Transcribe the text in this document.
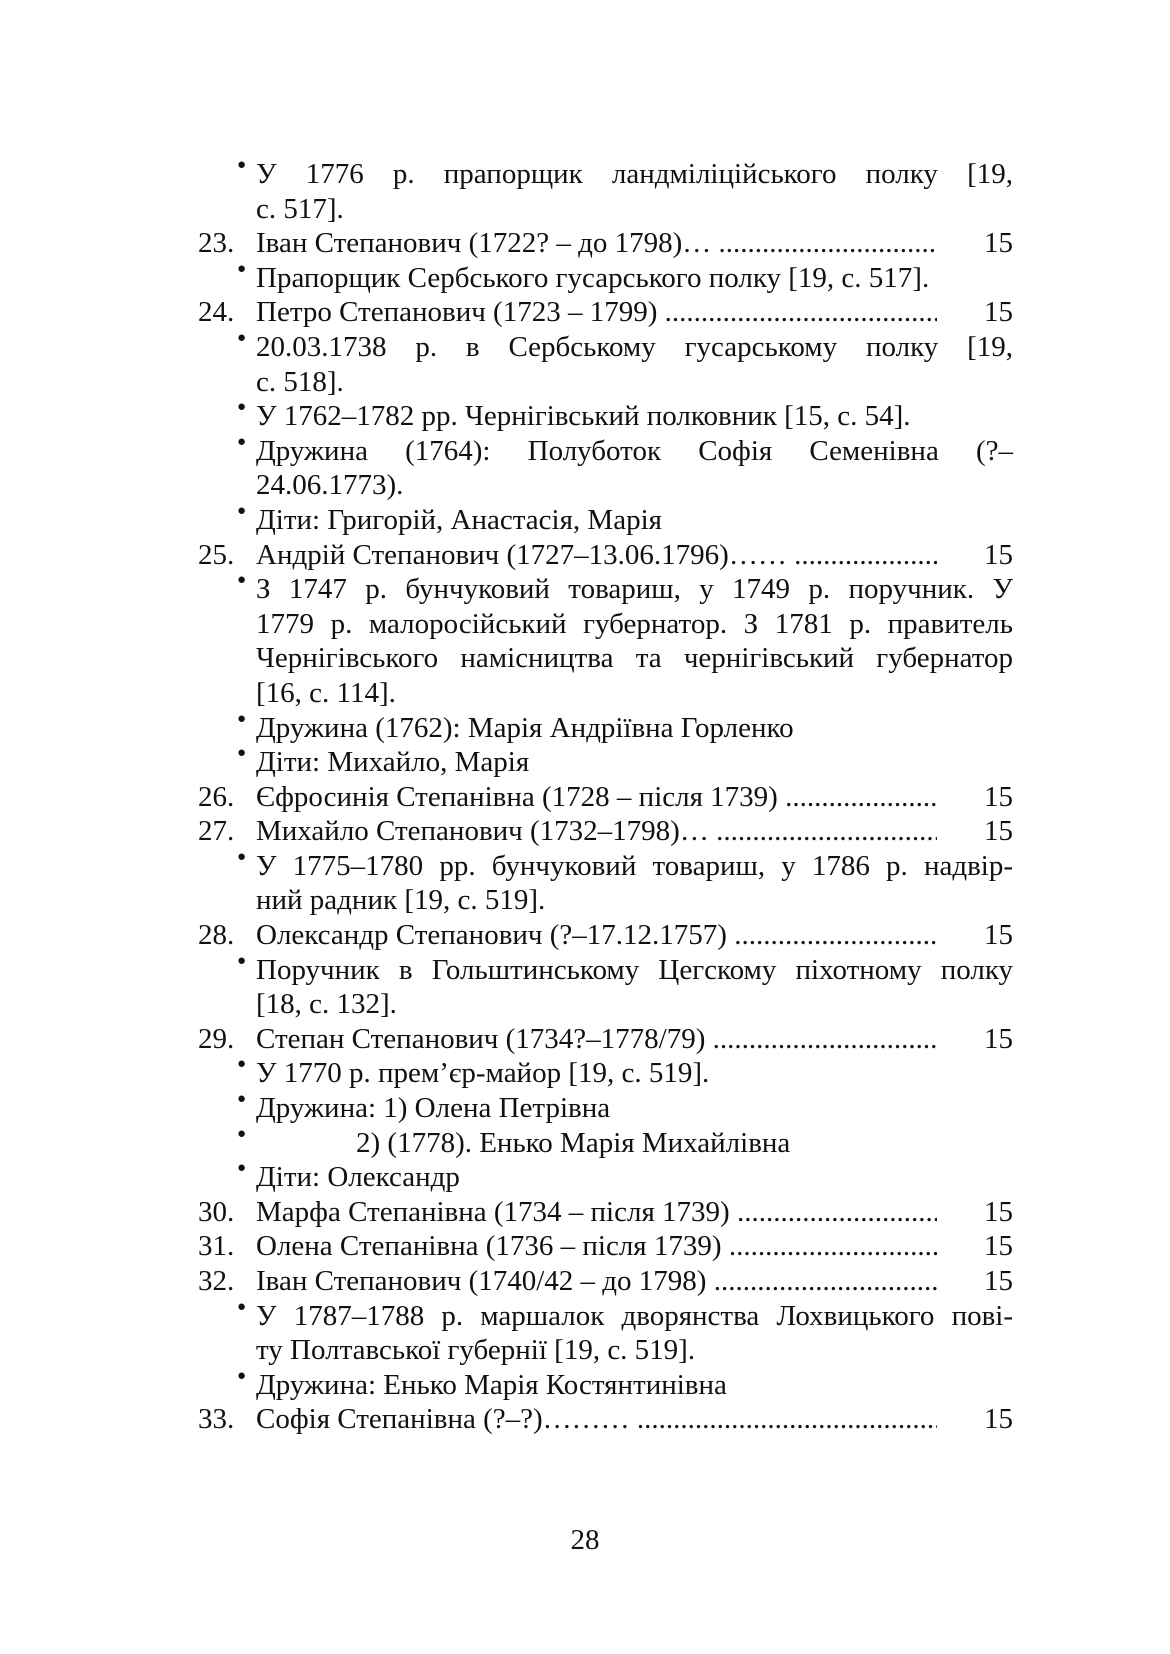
● У 1776 р. прапорщик ландміліційського полку [19,
с. 517].
23. Іван Степанович (1722? – до 1798)… .....	15
● Прапорщик Сербського гусарського полку [19, с. 517].
24. Петро Степанович (1723 – 1799) .....	15
● 20.03.1738 р. в Сербському гусарському полку [19,
с. 518].
● У 1762–1782 рр. Чернігівський полковник [15, с. 54].
● Дружина (1764): Полуботок Софія Семенівна (?–
24.06.1773).
● Діти: Григорій, Анастасія, Марія
25. Андрій Степанович (1727–13.06.1796)…… .....	15
● З 1747 р. бунчуковий товариш, у 1749 р. поручник. У
1779 р. малоросійський губернатор. З 1781 р. правитель
Чернігівського намісництва та чернігівський губернатор
[16, с. 114].
● Дружина (1762): Марія Андріївна Горленко
● Діти: Михайло, Марія
26. Єфросинія Степанівна (1728 – після 1739) .....	15
27. Михайло Степанович (1732–1798)… .....	15
● У 1775–1780 рр. бунчуковий товариш, у 1786 р. надвір-
ний радник [19, с. 519].
28. Олександр Степанович (?–17.12.1757) .....	15
● Поручник в Гольштинському Цегскому піхотному полку
[18, с. 132].
29. Степан Степанович (1734?–1778/79) .....	15
● У 1770 р. прем’єр-майор [19, с. 519].
● Дружина: 1) Олена Петрівна
● 2) (1778). Енько Марія Михайлівна
● Діти: Олександр
30. Марфа Степанівна (1734 – після 1739) .....	15
31. Олена Степанівна (1736 – після 1739) .....	15
32. Іван Степанович (1740/42 – до 1798) .....	15
● У 1787–1788 р. маршалок дворянства Лохвицького пові-
ту Полтавської губернії [19, с. 519].
● Дружина: Енько Марія Костянтинівна
33. Софія Степанівна (?–?)……… .....	15
28
